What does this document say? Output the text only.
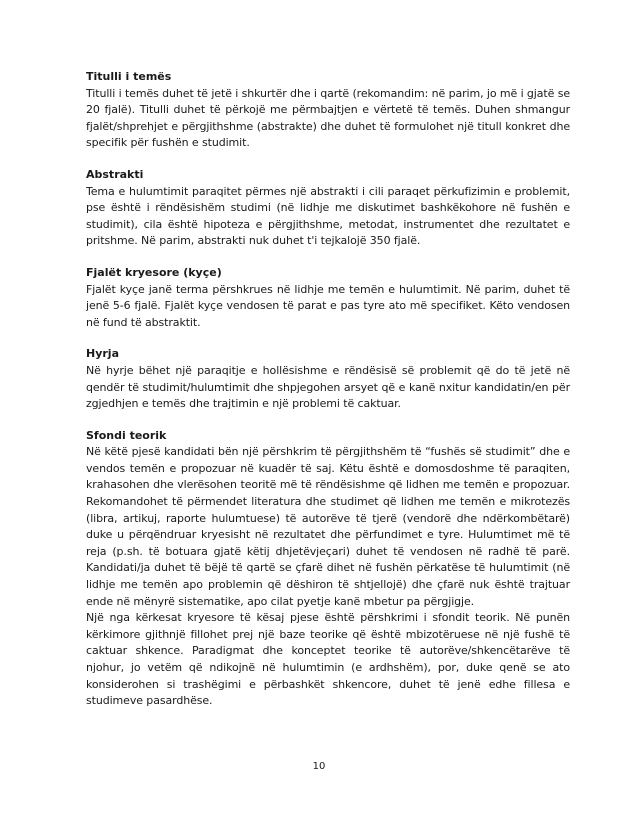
Titulli i temës

Titulli i temës duhet të jetë i shkurtër dhe i qartë (rekomandim: në parim, jo më i gjatë se 20 fjalë). Titulli duhet të përkojë me përmbajtjen e vërtetë të temës. Duhen shmangur fjalët/shprehjet e përgjithshme (abstrakte) dhe duhet të formulohet një titull konkret dhe specifik për fushën e studimit.

Abstrakti

Tema e hulumtimit paraqitet përmes një abstrakti i cili paraqet përkufizimin e problemit, pse është i rëndësishëm studimi (në lidhje me diskutimet bashkëkohore në fushën e studimit), cila është hipoteza e përgjithshme, metodat, instrumentet dhe rezultatet e pritshme. Në parim, abstrakti nuk duhet t'i tejkalojë 350 fjalë.

Fjalët kryesore (kyçe)

Fjalët kyçe janë terma përshkrues në lidhje me temën e hulumtimit. Në parim, duhet të jenë 5-6 fjalë. Fjalët kyçe vendosen të parat e pas tyre ato më specifiket. Këto vendosen në fund të abstraktit.

Hyrja

Në hyrje bëhet një paraqitje e hollësishme e rëndësisë së problemit që do të jetë në qendër të studimit/hulumtimit dhe shpjegohen arsyet që e kanë nxitur kandidatin/en për zgjedhjen e temës dhe trajtimin e një problemi të caktuar.

Sfondi teorik

Në këtë pjesë kandidati bën një përshkrim të përgjithshëm të “fushës së studimit” dhe e vendos temën e propozuar në kuadër të saj. Këtu është e domosdoshme të paraqiten, krahasohen dhe vlerësohen teoritë më të rëndësishme që lidhen me temën e propozuar. Rekomandohet të përmendet literatura dhe studimet që lidhen me temën e mikrotezës (libra, artikuj, raporte hulumtuese) të autorëve të tjerë (vendorë dhe ndërkombëtarë) duke u përqëndruar kryesisht në rezultatet dhe përfundimet e tyre. Hulumtimet më të reja (p.sh. të botuara gjatë këtij dhjetëvjeçari) duhet të vendosen në radhë të parë. Kandidati/ja duhet të bëjë të qartë se çfarë dihet në fushën përkatëse të hulumtimit (në lidhje me temën apo problemin që dëshiron të shtjellojë) dhe çfarë nuk është trajtuar ende në mënyrë sistematike, apo cilat pyetje kanë mbetur pa përgjigje.

Një nga kërkesat kryesore të kësaj pjese është përshkrimi i sfondit teorik. Në punën kërkimore gjithnjë fillohet prej një baze teorike që është mbizotëruese në një fushë të caktuar shkence. Paradigmat dhe konceptet teorike të autorëve/shkencëtarëve të njohur, jo vetëm që ndikojnë në hulumtimin (e ardhshëm), por, duke qenë se ato konsiderohen si trashëgimi e përbashkët shkencore, duhet të jenë edhe fillesa e studimeve pasardhëse.

10
